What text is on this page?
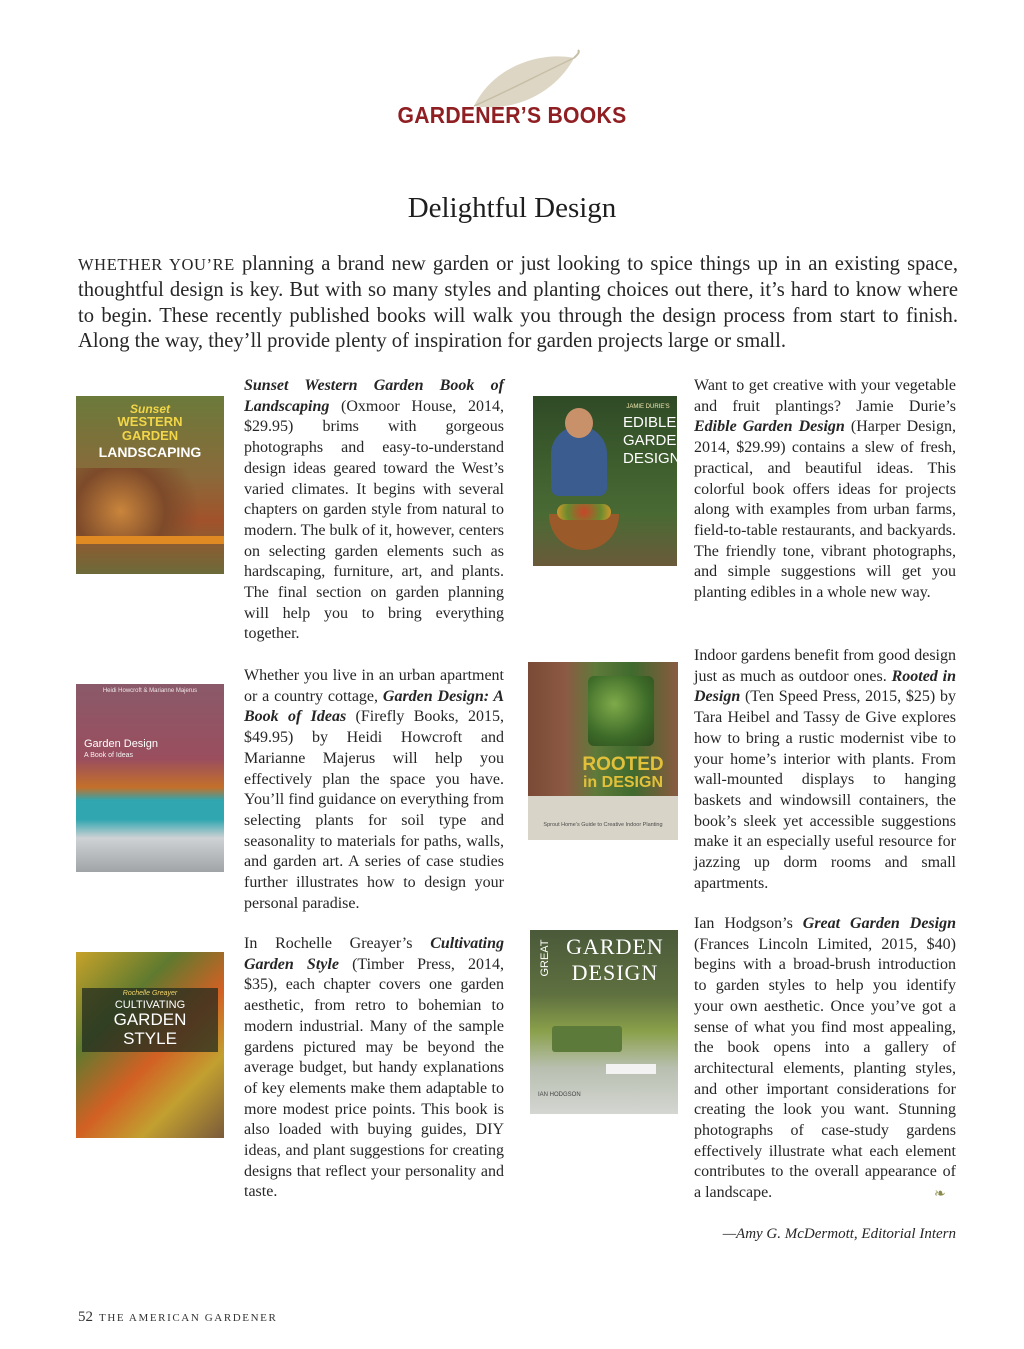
GARDENER’S BOOKS
Delightful Design

WHETHER YOU’RE planning a brand new garden or just looking to spice things up in an existing space, thoughtful design is key. But with so many styles and planting choices out there, it’s hard to know where to begin. These recently published books will walk you through the design process from start to finish. Along the way, they’ll provide plenty of inspiration for garden projects large or small.

Sunset
WESTERN
GARDEN
LANDSCAPING
Heidi Howcroft & Marianne Majerus
Garden Design
A Book of Ideas
Rochelle Greayer
CULTIVATING
GARDEN
STYLE
JAMIE DURIE’S
EDIBLE
GARDEN
DESIGN
ROOTED
in DESIGN
Sprout Home’s Guide to Creative Indoor Planting
GREAT GARDEN
DESIGN
IAN HODGSON

Sunset Western Garden Book of Landscaping (Oxmoor House, 2014, $29.95) brims with gorgeous photographs and easy-to-understand design ideas geared toward the West’s varied climates. It begins with several chapters on garden style from natural to modern. The bulk of it, however, centers on selecting garden elements such as hardscaping, furniture, art, and plants. The final section on garden planning will help you to bring everything together.

Whether you live in an urban apartment or a country cottage, Garden Design: A Book of Ideas (Firefly Books, 2015, $49.95) by Heidi Howcroft and Marianne Majerus will help you effectively plan the space you have. You’ll find guidance on everything from selecting plants for soil type and seasonality to materials for paths, walls, and garden art. A series of case studies further illustrates how to design your personal paradise.

In Rochelle Greayer’s Cultivating Garden Style (Timber Press, 2014, $35), each chapter covers one garden aesthetic, from retro to bohemian to modern industrial. Many of the sample gardens pictured may be beyond the average budget, but handy explanations of key elements make them adaptable to more modest price points. This book is also loaded with buying guides, DIY ideas, and plant suggestions for creating designs that reflect your personality and taste.

Want to get creative with your vegetable and fruit plantings? Jamie Durie’s Edible Garden Design (Harper Design, 2014, $29.99) contains a slew of fresh, practical, and beautiful ideas. This colorful book offers ideas for projects along with examples from urban farms, field-to-table restaurants, and backyards. The friendly tone, vibrant photographs, and simple suggestions will get you planting edibles in a whole new way.

Indoor gardens benefit from good design just as much as outdoor ones. Rooted in Design (Ten Speed Press, 2015, $25) by Tara Heibel and Tassy de Give explores how to bring a rustic modernist vibe to your home’s interior with plants. From wall-mounted displays to hanging baskets and windowsill containers, the book’s sleek yet accessible suggestions make it an especially useful resource for jazzing up dorm rooms and small apartments.

Ian Hodgson’s Great Garden Design (Frances Lincoln Limited, 2015, $40) begins with a broad-brush introduction to garden styles to help you identify your own aesthetic. Once you’ve got a sense of what you find most appealing, the book opens into a gallery of architectural elements, planting styles, and other important considerations for creating the look you want. Stunning photographs of case-study gardens effectively illustrate what each element contributes to the overall appearance of a landscape.	❧
—Amy G. McDermott, Editorial Intern
52 THE AMERICAN GARDENER
